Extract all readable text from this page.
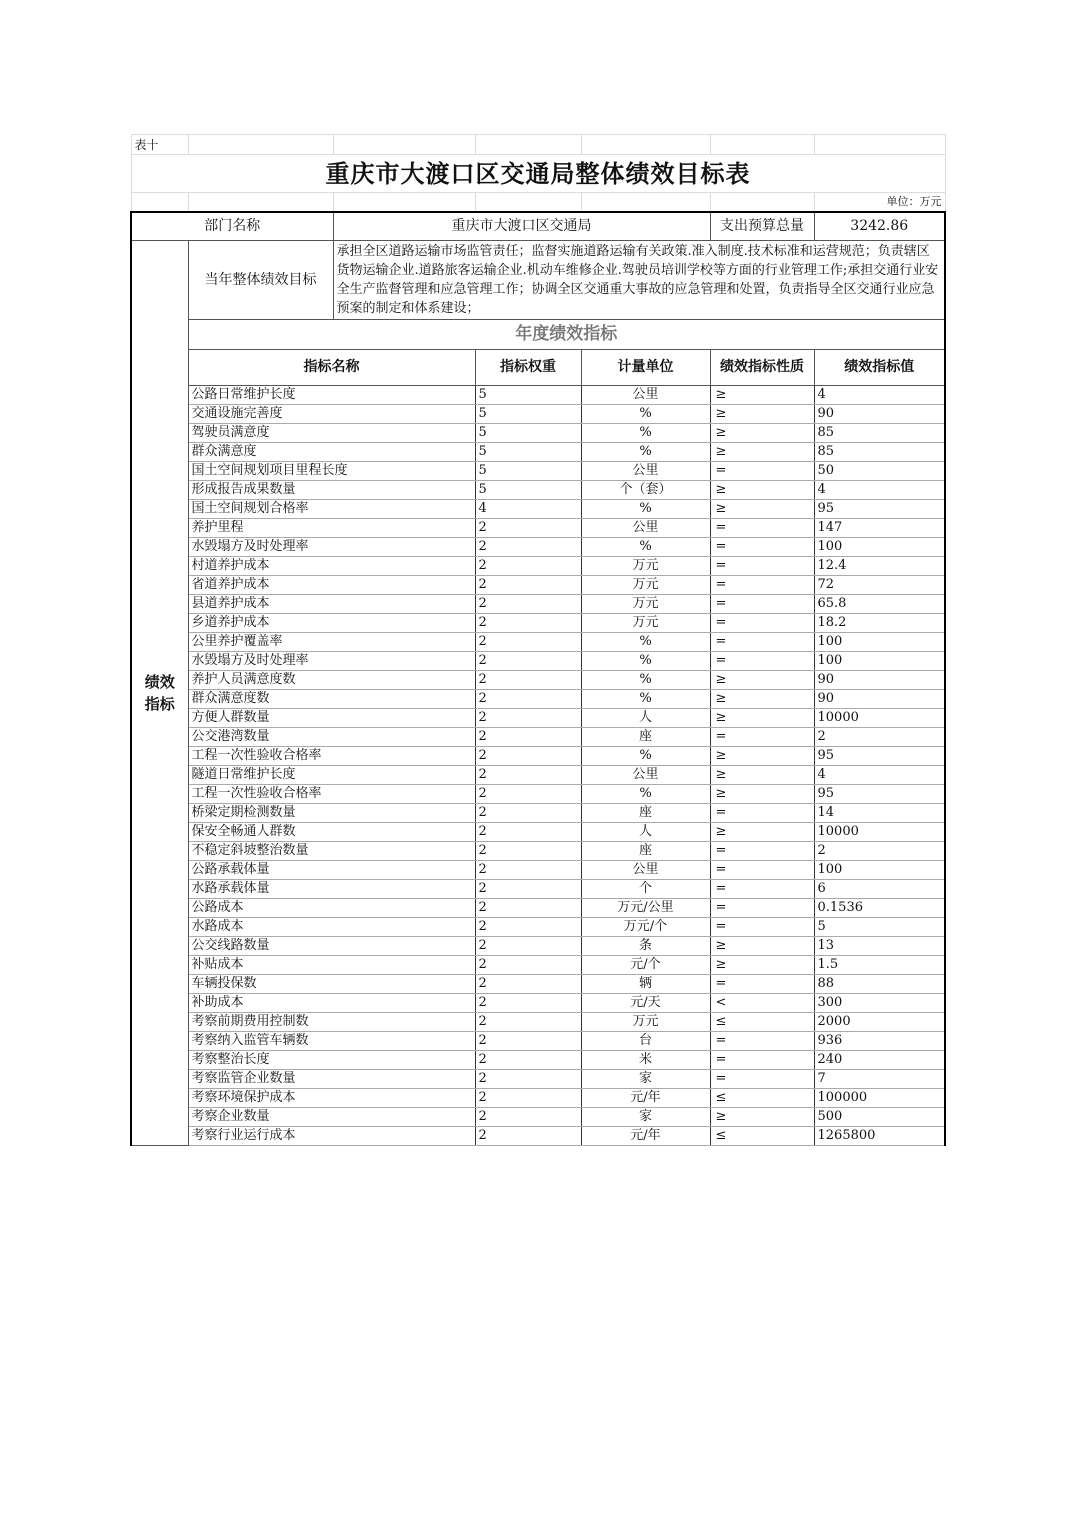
表十						
重庆市大渡口区交通局整体绩效目标表						
						单位：万元
部门名称		重庆市大渡口区交通局			支出预算总量	3242.86
绩效指标	当年整体绩效目标	承担全区道路运输市场监管责任；监督实施道路运输有关政策.准入制度.技术标准和运营规范；负责辖区货物运输企业.道路旅客运输企业.机动车维修企业.驾驶员培训学校等方面的行业管理工作;承担交通行业安全生产监督管理和应急管理工作；协调全区交通重大事故的应急管理和处置，负责指导全区交通行业应急预案的制定和体系建设；				
	年度绩效指标					
	指标名称		指标权重	计量单位	绩效指标性质	绩效指标值
	公路日常维护长度		5	公里	≥	4
	交通设施完善度		5	%	≥	90
	驾驶员满意度		5	%	≥	85
	群众满意度		5	%	≥	85
	国土空间规划项目里程长度		5	公里	=	50
	形成报告成果数量		5	个（套）	≥	4
	国土空间规划合格率		4	%	≥	95
	养护里程		2	公里	=	147
	水毁塌方及时处理率		2	%	=	100
	村道养护成本		2	万元	=	12.4
	省道养护成本		2	万元	=	72
	县道养护成本		2	万元	=	65.8
	乡道养护成本		2	万元	=	18.2
	公里养护覆盖率		2	%	=	100
	水毁塌方及时处理率		2	%	=	100
	养护人员满意度数		2	%	≥	90
	群众满意度数		2	%	≥	90
	方便人群数量		2	人	≥	10000
	公交港湾数量		2	座	=	2
	工程一次性验收合格率		2	%	≥	95
	隧道日常维护长度		2	公里	≥	4
	工程一次性验收合格率		2	%	≥	95
	桥梁定期检测数量		2	座	=	14
	保安全畅通人群数		2	人	≥	10000
	不稳定斜坡整治数量		2	座	=	2
	公路承载体量		2	公里	=	100
	水路承载体量		2	个	=	6
	公路成本		2	万元/公里	=	0.1536
	水路成本		2	万元/个	=	5
	公交线路数量		2	条	≥	13
	补贴成本		2	元/个	≥	1.5
	车辆投保数		2	辆	=	88
	补助成本		2	元/天	<	300
	考察前期费用控制数		2	万元	≤	2000
	考察纳入监管车辆数		2	台	=	936
	考察整治长度		2	米	=	240
	考察监管企业数量		2	家	=	7
	考察环境保护成本		2	元/年	≤	100000
	考察企业数量		2	家	≥	500
	考察行业运行成本		2	元/年	≤	1265800
